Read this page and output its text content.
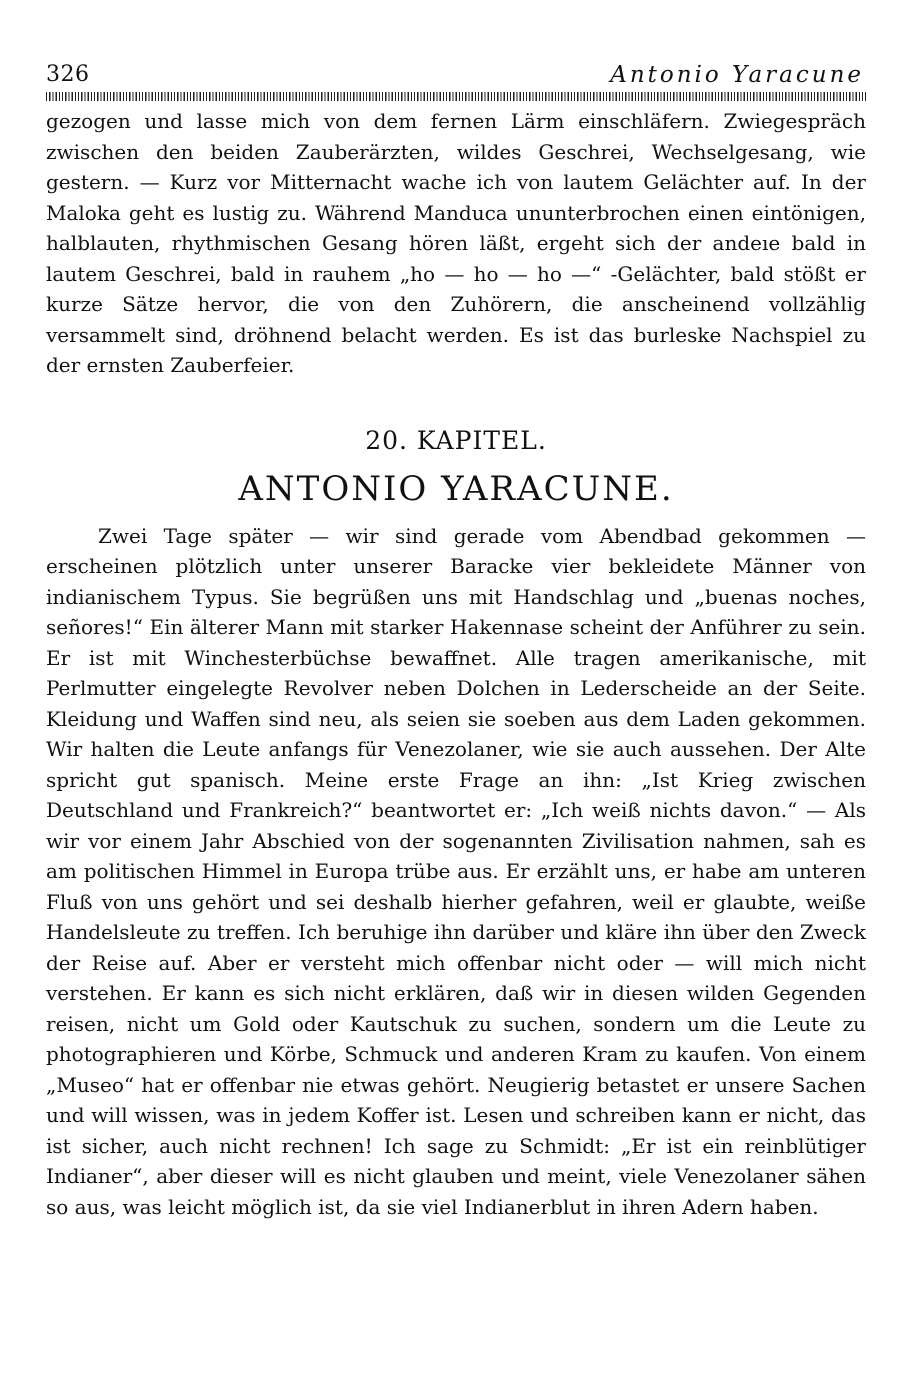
326	Antonio Yaracune

gezogen und lasse mich von dem fernen Lärm einschläfern. Zwiegespräch zwischen den beiden Zauberärzten, wildes Geschrei, Wechselgesang, wie gestern. — Kurz vor Mitternacht wache ich von lautem Gelächter auf. In der Maloka geht es lustig zu. Während Manduca ununterbrochen einen eintönigen, halblauten, rhythmischen Gesang hören läßt, ergeht sich der andeıe bald in lautem Geschrei, bald in rauhem „ho — ho — ho —“ -Gelächter, bald stößt er kurze Sätze hervor, die von den Zuhörern, die anscheinend vollzählig versammelt sind, dröhnend belacht werden. Es ist das burleske Nachspiel zu der ernsten Zauberfeier.

20. KAPITEL.
ANTONIO YARACUNE.

Zwei Tage später — wir sind gerade vom Abendbad gekommen — erscheinen plötzlich unter unserer Baracke vier bekleidete Männer von indianischem Typus. Sie begrüßen uns mit Handschlag und „buenas noches, señores!“ Ein älterer Mann mit starker Hakennase scheint der Anführer zu sein. Er ist mit Winchesterbüchse bewaffnet. Alle tragen amerikanische, mit Perlmutter eingelegte Revolver neben Dolchen in Lederscheide an der Seite. Kleidung und Waffen sind neu, als seien sie soeben aus dem Laden gekommen. Wir halten die Leute anfangs für Venezolaner, wie sie auch aussehen. Der Alte spricht gut spanisch. Meine erste Frage an ihn: „Ist Krieg zwischen Deutschland und Frankreich?“ beantwortet er: „Ich weiß nichts davon.“ — Als wir vor einem Jahr Abschied von der sogenannten Zivilisation nahmen, sah es am politischen Himmel in Europa trübe aus. Er erzählt uns, er habe am unteren Fluß von uns gehört und sei deshalb hierher gefahren, weil er glaubte, weiße Handelsleute zu treffen. Ich beruhige ihn darüber und kläre ihn über den Zweck der Reise auf. Aber er versteht mich offenbar nicht oder — will mich nicht verstehen. Er kann es sich nicht erklären, daß wir in diesen wilden Gegenden reisen, nicht um Gold oder Kautschuk zu suchen, sondern um die Leute zu photographieren und Körbe, Schmuck und anderen Kram zu kaufen. Von einem „Museo“ hat er offenbar nie etwas gehört. Neugierig betastet er unsere Sachen und will wissen, was in jedem Koffer ist. Lesen und schreiben kann er nicht, das ist sicher, auch nicht rechnen! Ich sage zu Schmidt: „Er ist ein reinblütiger Indianer“, aber dieser will es nicht glauben und meint, viele Venezolaner sähen so aus, was leicht möglich ist, da sie viel Indianerblut in ihren Adern haben.
